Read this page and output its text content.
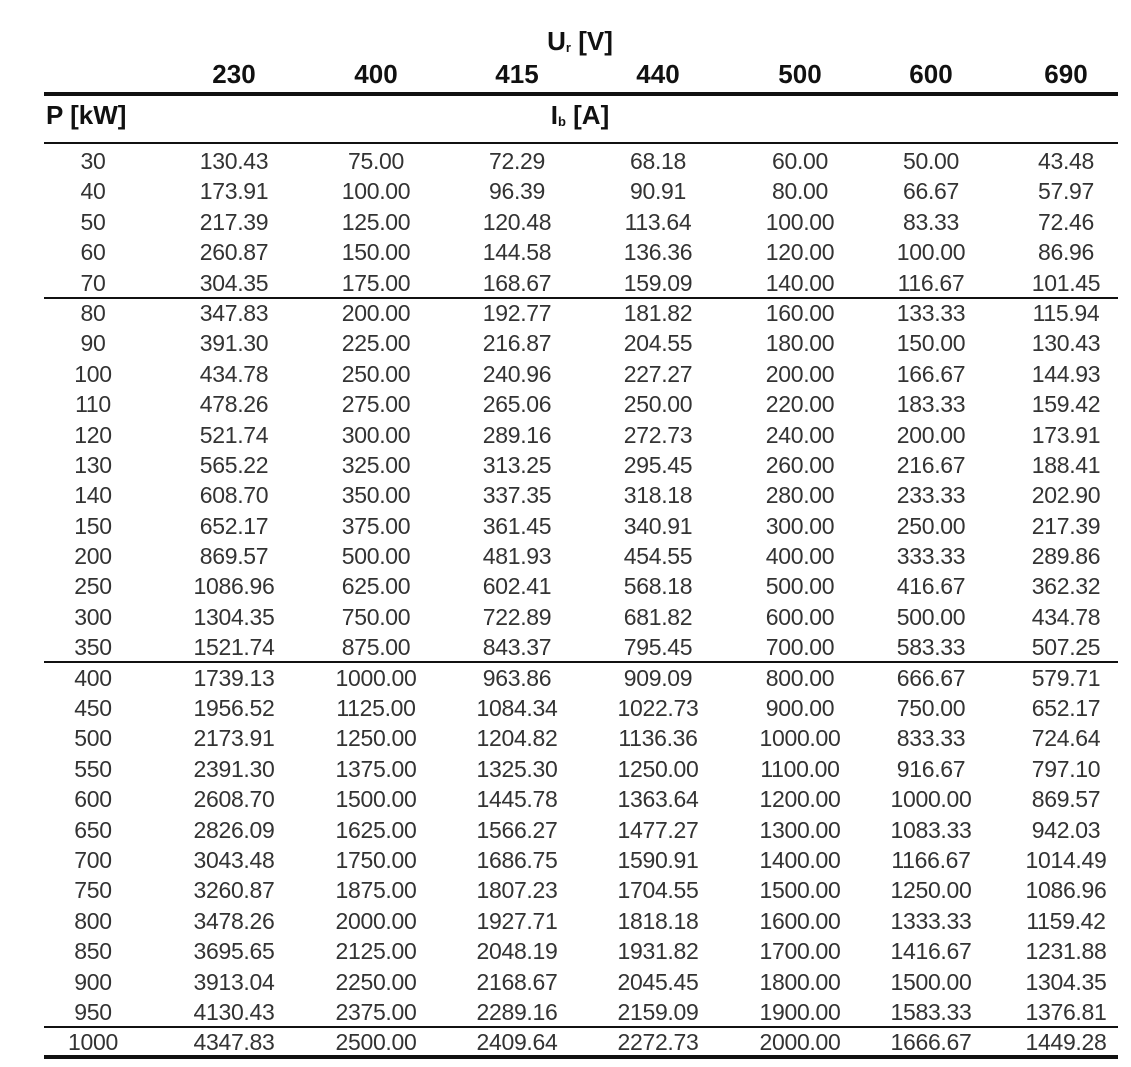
$U_r$ [V]
230	400	415	440	500	600	690
P [kW]	$I_b$ [A]
30	130.43	75.00	72.29	68.18	60.00	50.00	43.48
40	173.91	100.00	96.39	90.91	80.00	66.67	57.97
50	217.39	125.00	120.48	113.64	100.00	83.33	72.46
60	260.87	150.00	144.58	136.36	120.00	100.00	86.96
70	304.35	175.00	168.67	159.09	140.00	116.67	101.45
80	347.83	200.00	192.77	181.82	160.00	133.33	115.94
90	391.30	225.00	216.87	204.55	180.00	150.00	130.43
100	434.78	250.00	240.96	227.27	200.00	166.67	144.93
110	478.26	275.00	265.06	250.00	220.00	183.33	159.42
120	521.74	300.00	289.16	272.73	240.00	200.00	173.91
130	565.22	325.00	313.25	295.45	260.00	216.67	188.41
140	608.70	350.00	337.35	318.18	280.00	233.33	202.90
150	652.17	375.00	361.45	340.91	300.00	250.00	217.39
200	869.57	500.00	481.93	454.55	400.00	333.33	289.86
250	1086.96	625.00	602.41	568.18	500.00	416.67	362.32
300	1304.35	750.00	722.89	681.82	600.00	500.00	434.78
350	1521.74	875.00	843.37	795.45	700.00	583.33	507.25
400	1739.13	1000.00	963.86	909.09	800.00	666.67	579.71
450	1956.52	1125.00	1084.34	1022.73	900.00	750.00	652.17
500	2173.91	1250.00	1204.82	1136.36	1000.00	833.33	724.64
550	2391.30	1375.00	1325.30	1250.00	1100.00	916.67	797.10
600	2608.70	1500.00	1445.78	1363.64	1200.00	1000.00	869.57
650	2826.09	1625.00	1566.27	1477.27	1300.00	1083.33	942.03
700	3043.48	1750.00	1686.75	1590.91	1400.00	1166.67	1014.49
750	3260.87	1875.00	1807.23	1704.55	1500.00	1250.00	1086.96
800	3478.26	2000.00	1927.71	1818.18	1600.00	1333.33	1159.42
850	3695.65	2125.00	2048.19	1931.82	1700.00	1416.67	1231.88
900	3913.04	2250.00	2168.67	2045.45	1800.00	1500.00	1304.35
950	4130.43	2375.00	2289.16	2159.09	1900.00	1583.33	1376.81
1000	4347.83	2500.00	2409.64	2272.73	2000.00	1666.67	1449.28
